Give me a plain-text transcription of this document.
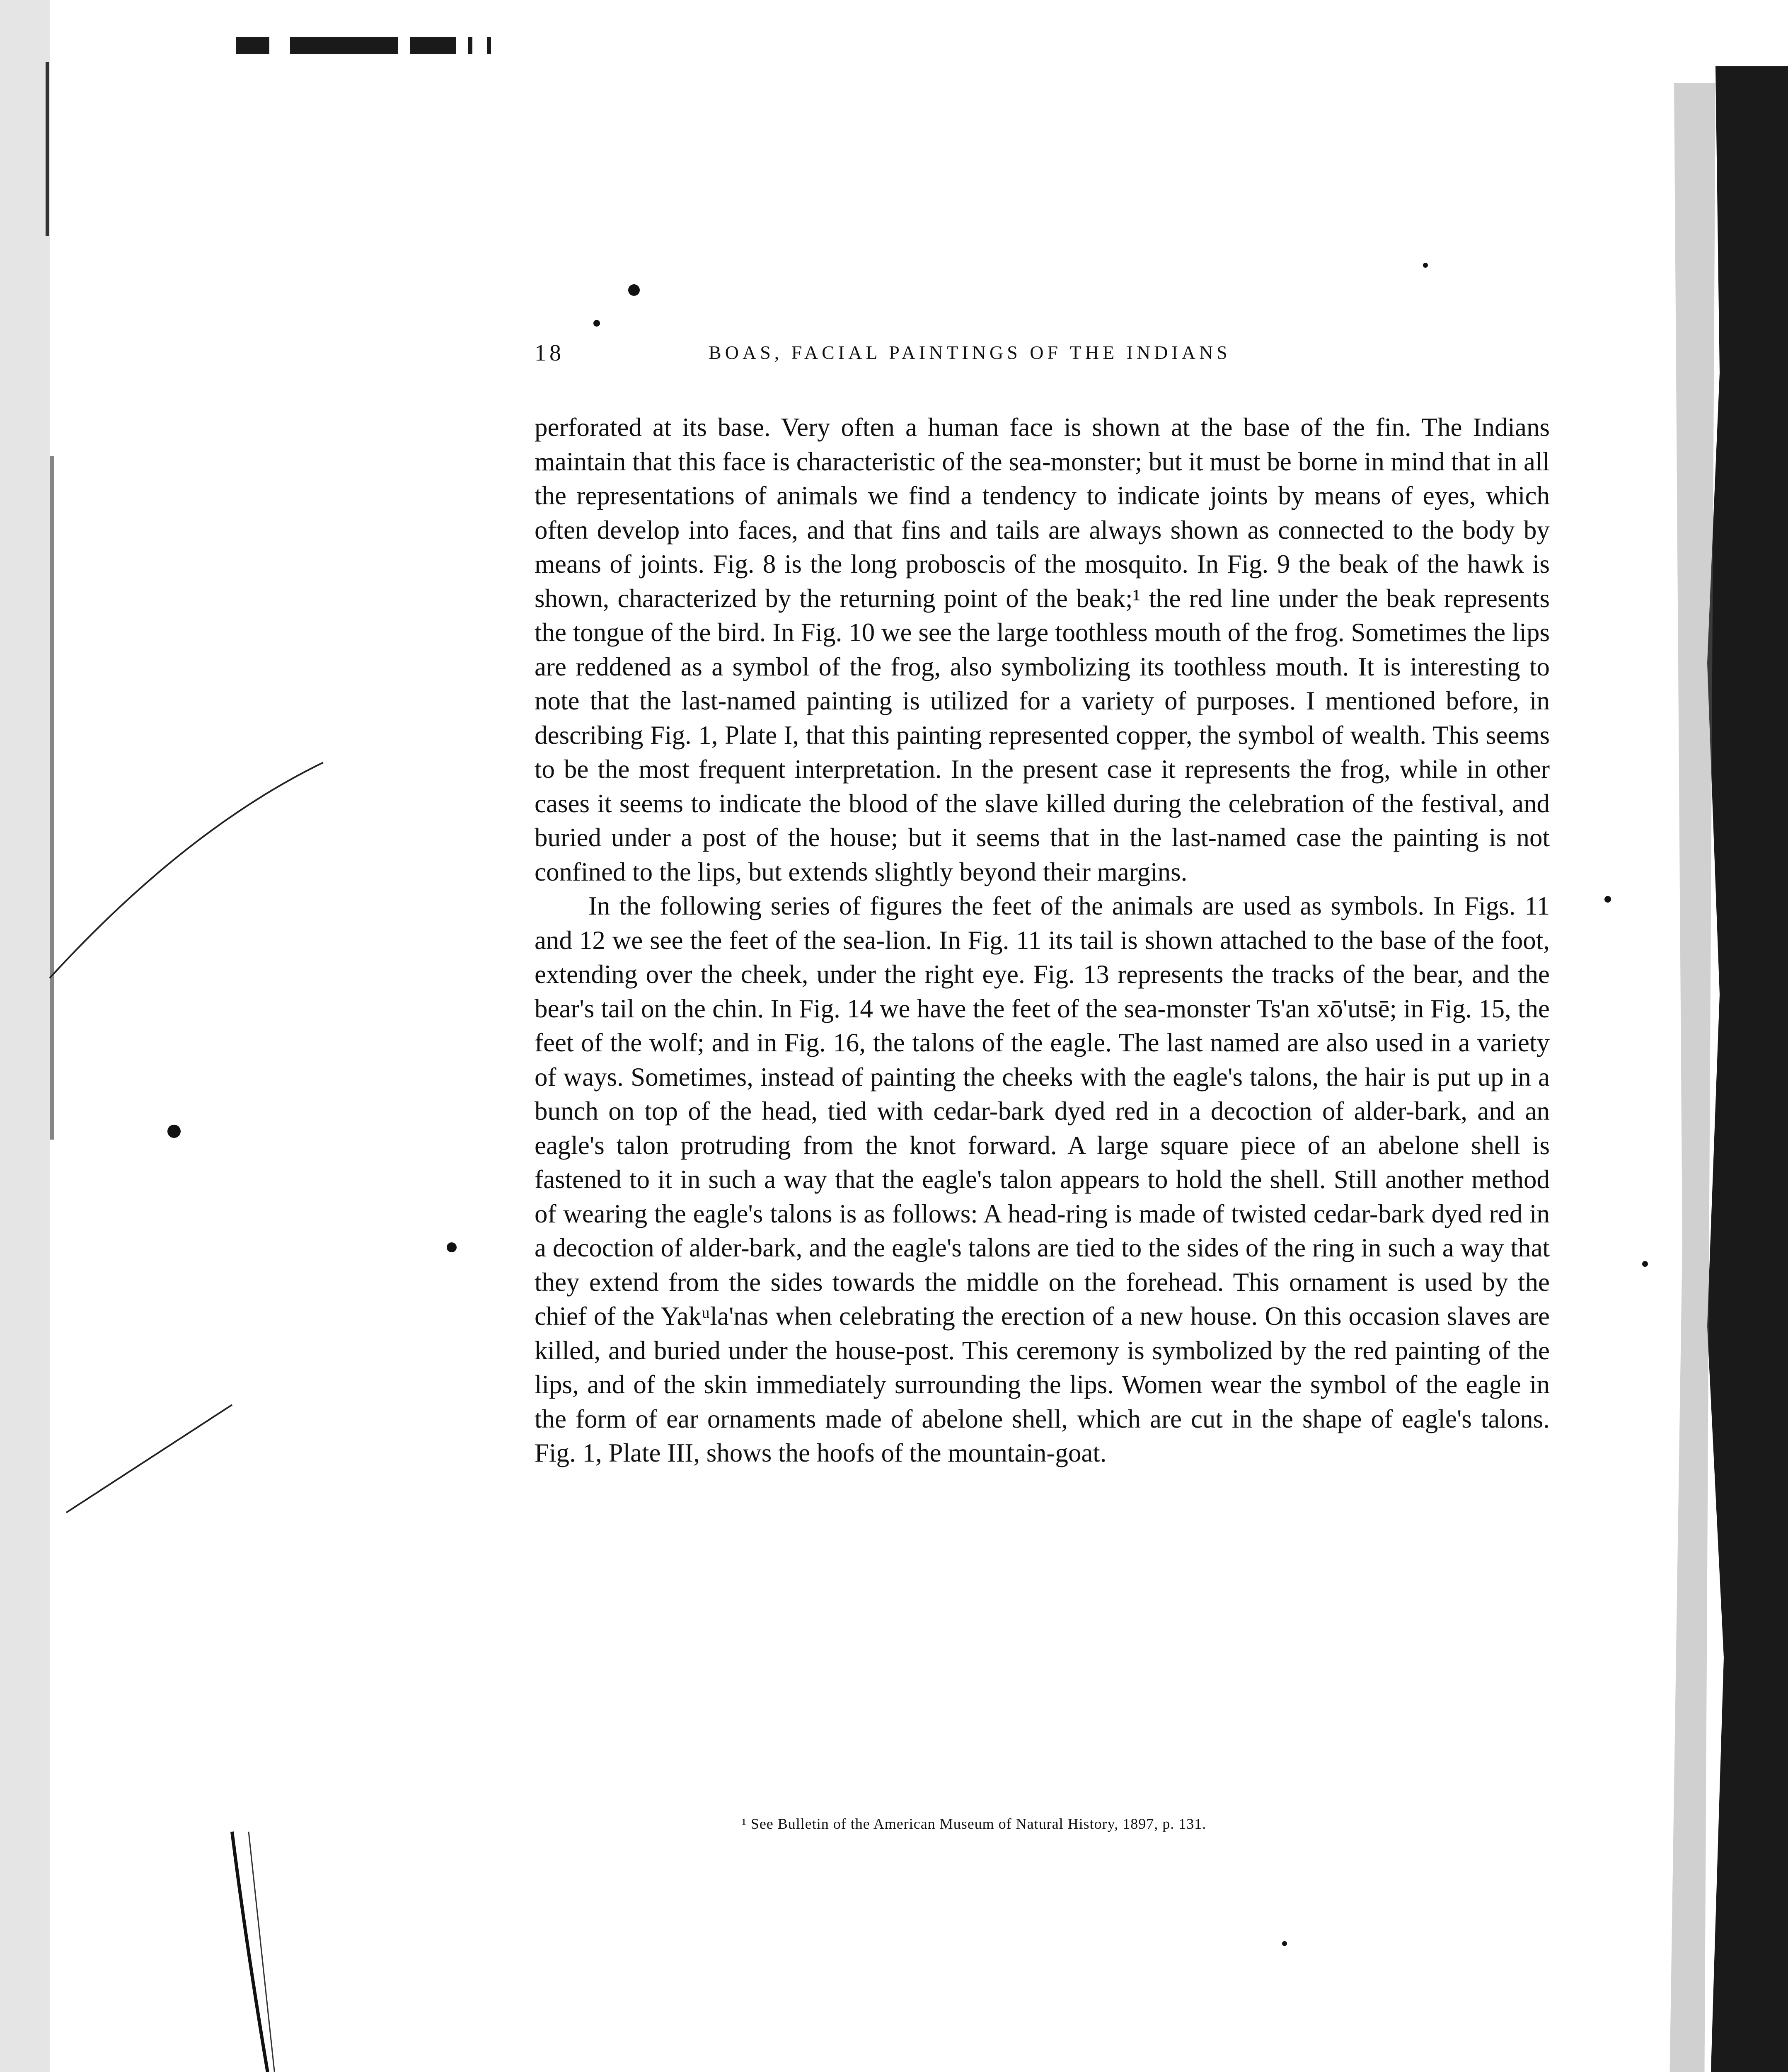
18	BOAS, FACIAL PAINTINGS OF THE INDIANS

perforated at its base. Very often a human face is shown at the base of the fin. The Indians maintain that this face is characteristic of the sea-monster; but it must be borne in mind that in all the representations of animals we find a tendency to indicate joints by means of eyes, which often develop into faces, and that fins and tails are always shown as connected to the body by means of joints. Fig. 8 is the long proboscis of the mosquito. In Fig. 9 the beak of the hawk is shown, characterized by the returning point of the beak;¹ the red line under the beak represents the tongue of the bird. In Fig. 10 we see the large toothless mouth of the frog. Sometimes the lips are reddened as a symbol of the frog, also symbolizing its toothless mouth. It is interesting to note that the last-named painting is utilized for a variety of purposes. I mentioned before, in describing Fig. 1, Plate I, that this painting represented copper, the symbol of wealth. This seems to be the most frequent interpretation. In the present case it represents the frog, while in other cases it seems to indicate the blood of the slave killed during the celebration of the festival, and buried under a post of the house; but it seems that in the last-named case the painting is not confined to the lips, but extends slightly beyond their margins.

In the following series of figures the feet of the animals are used as symbols. In Figs. 11 and 12 we see the feet of the sea-lion. In Fig. 11 its tail is shown attached to the base of the foot, extending over the cheek, under the right eye. Fig. 13 represents the tracks of the bear, and the bear's tail on the chin. In Fig. 14 we have the feet of the sea-monster Ts'an xō'utsē; in Fig. 15, the feet of the wolf; and in Fig. 16, the talons of the eagle. The last named are also used in a variety of ways. Sometimes, instead of painting the cheeks with the eagle's talons, the hair is put up in a bunch on top of the head, tied with cedar-bark dyed red in a decoction of alder-bark, and an eagle's talon protruding from the knot forward. A large square piece of an abelone shell is fastened to it in such a way that the eagle's talon appears to hold the shell. Still another method of wearing the eagle's talons is as follows: A head-ring is made of twisted cedar-bark dyed red in a decoction of alder-bark, and the eagle's talons are tied to the sides of the ring in such a way that they extend from the sides towards the middle on the forehead. This ornament is used by the chief of the Yakᵘla'nas when celebrating the erection of a new house. On this occasion slaves are killed, and buried under the house-post. This ceremony is symbolized by the red painting of the lips, and of the skin immediately surrounding the lips. Women wear the symbol of the eagle in the form of ear ornaments made of abelone shell, which are cut in the shape of eagle's talons. Fig. 1, Plate III, shows the hoofs of the mountain-goat.

¹ See Bulletin of the American Museum of Natural History, 1897, p. 131.
